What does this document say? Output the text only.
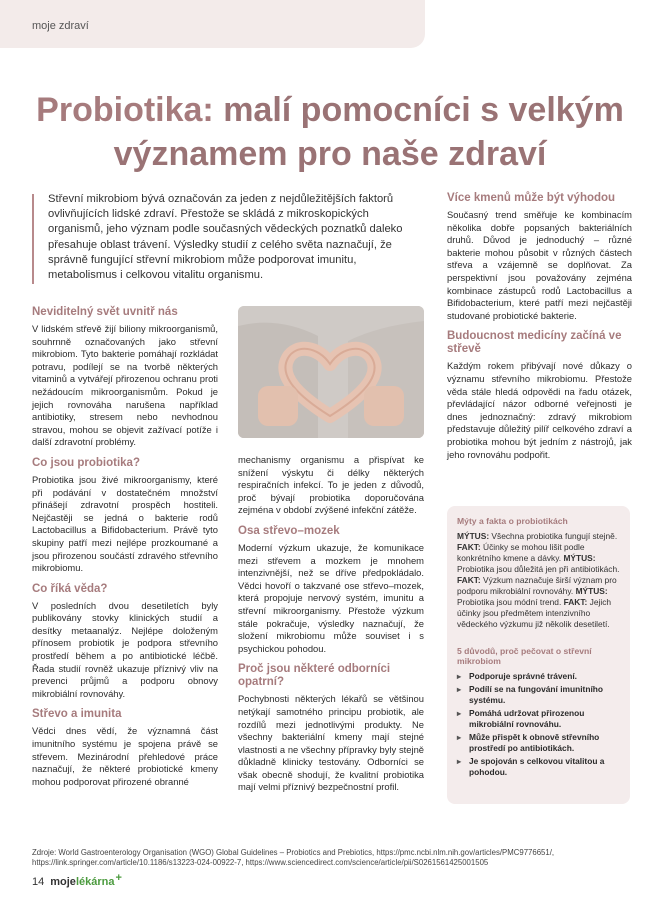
moje zdraví
Probiotika: malí pomocníci s velkým
významem pro naše zdraví

Střevní mikrobiom bývá označován za jeden z nejdůležitějších faktorů ovlivňujících lidské zdraví. Přestože se skládá z mikroskopických organismů, jeho význam podle současných vědeckých poznatků daleko přesahuje oblast trávení. Výsledky studií z celého světa naznačují, že správně fungující střevní mikrobiom může podporovat imunitu, metabolismus i celkovou vitalitu organismu.

Neviditelný svět uvnitř nás

V lidském střevě žijí biliony mikroorganismů, souhrnně označovaných jako střevní mikrobiom. Tyto bakterie pomáhají rozkládat potravu, podílejí se na tvorbě některých vitaminů a vytvářejí přirozenou ochranu proti nežádoucím mikroorganismům. Pokud je jejich rovnováha narušena například antibiotiky, stresem nebo nevhodnou stravou, mohou se objevit zažívací potíže i další zdravotní problémy.

Co jsou probiotika?

Probiotika jsou živé mikroorganismy, které při podávání v dostatečném množství přinášejí zdravotní prospěch hostiteli. Nejčastěji se jedná o bakterie rodů Lactobacillus a Bifidobacterium. Právě tyto skupiny patří mezi nejlépe prozkoumané a jsou přirozenou součástí zdravého střevního mikrobiomu.

Co říká věda?

V posledních dvou desetiletích byly publikovány stovky klinických studií a desítky metaanalýz. Nejlépe doloženým přínosem probiotik je podpora střevního prostředí během a po antibiotické léčbě. Řada studií rovněž ukazuje příznivý vliv na prevenci průjmů a podporu obnovy mikrobiální rovnováhy.

Střevo a imunita

Vědci dnes vědí, že významná část imunitního systému je spojena právě se střevem. Mezinárodní přehledové práce naznačují, že některé probiotické kmeny mohou podporovat přirozené obranné

mechanismy organismu a přispívat ke snížení výskytu či délky některých respiračních infekcí. To je jeden z důvodů, proč bývají probiotika doporučována zejména v období zvýšené infekční zátěže.

Osa střevo–mozek

Moderní výzkum ukazuje, že komunikace mezi střevem a mozkem je mnohem intenzivnější, než se dříve předpokládalo. Vědci hovoří o takzvané ose střevo–mozek, která propojuje nervový systém, imunitu a střevní mikroorganismy. Přestože výzkum stále pokračuje, výsledky naznačují, že složení mikrobiomu může souviset i s psychickou pohodou.

Proč jsou některé odborníci opatrní?

Pochybnosti některých lékařů se většinou netýkají samotného principu probiotik, ale rozdílů mezi jednotlivými produkty. Ne všechny bakteriální kmeny mají stejné vlastnosti a ne všechny přípravky byly stejně důkladně klinicky testovány. Odborníci se však obecně shodují, že kvalitní probiotika mají velmi příznivý bezpečnostní profil.

Více kmenů může být výhodou

Současný trend směřuje ke kombinacím několika dobře popsaných bakteriálních druhů. Důvod je jednoduchý – různé bakterie mohou působit v různých částech střeva a vzájemně se doplňovat. Za perspektivní jsou považovány zejména kombinace zástupců rodů Lactobacillus a Bifidobacterium, které patří mezi nejčastěji studované probiotické bakterie.

Budoucnost medicíny začíná ve střevě

Každým rokem přibývají nové důkazy o významu střevního mikrobiomu. Přestože věda stále hledá odpovědi na řadu otázek, převládající názor odborné veřejnosti je dnes jednoznačný: zdravý mikrobiom představuje důležitý pilíř celkového zdraví a probiotika mohou být jedním z nástrojů, jak jeho rovnováhu podpořit.

Mýty a fakta o probiotikách

MÝTUS: Všechna probiotika fungují stejně. FAKT: Účinky se mohou lišit podle konkrétního kmene a dávky. MÝTUS: Probiotika jsou důležitá jen při antibiotikách. FAKT: Výzkum naznačuje širší význam pro podporu mikrobiální rovnováhy. MÝTUS: Probiotika jsou módní trend. FAKT: Jejich účinky jsou předmětem intenzivního vědeckého výzkumu již několik desetiletí.

5 důvodů, proč pečovat o střevní mikrobiom
▸ Podporuje správné trávení.
▸ Podílí se na fungování imunitního systému.
▸ Pomáhá udržovat přirozenou mikrobiální rovnováhu.
▸ Může přispět k obnově střevního prostředí po antibiotikách.
▸ Je spojován s celkovou vitalitou a pohodou.

Zdroje: World Gastroenterology Organisation (WGO) Global Guidelines – Probiotics and Prebiotics, https://pmc.ncbi.nlm.nih.gov/articles/PMC9776651/, https://link.springer.com/article/10.1186/s13223-024-00922-7, https://www.sciencedirect.com/science/article/pii/S0261561425001505

14 moje lékárna +
